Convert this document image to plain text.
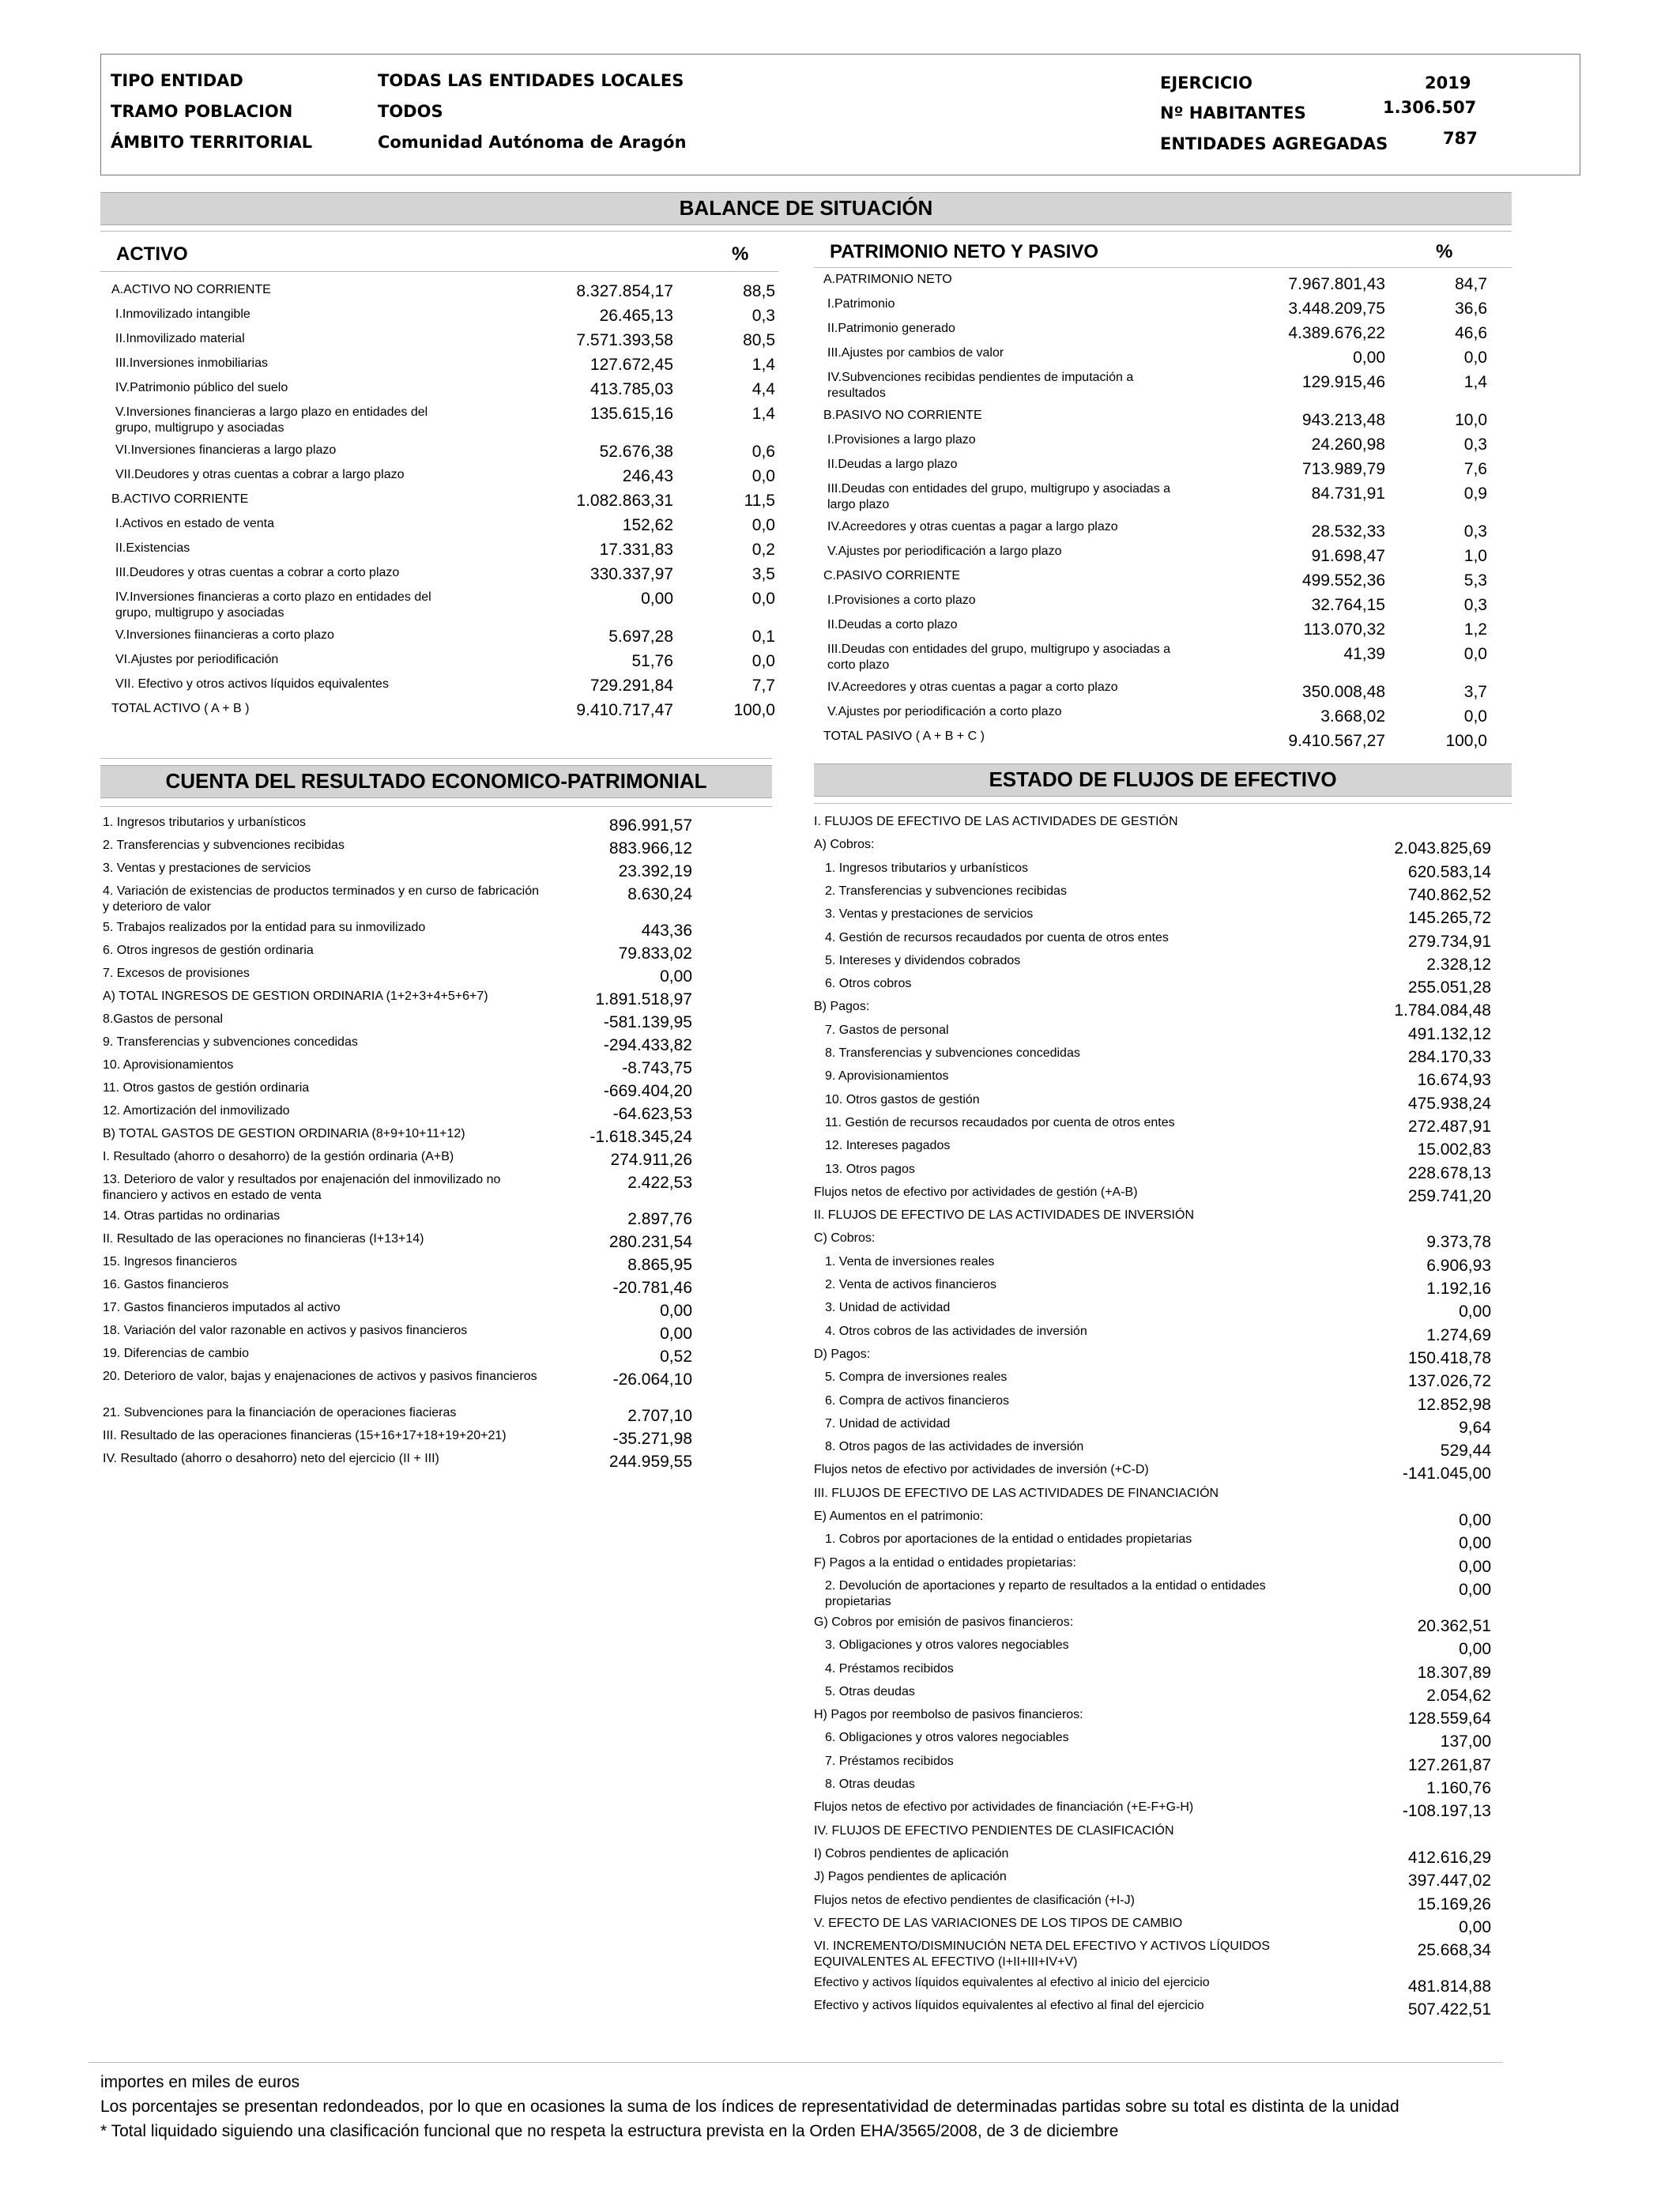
TIPO ENTIDAD	TODAS LAS ENTIDADES LOCALES
TRAMO POBLACION	TODOS
ÁMBITO TERRITORIAL	Comunidad Autónoma de Aragón
EJERCICIO	2019
Nº HABITANTES	1.306.507
ENTIDADES AGREGADAS	787
BALANCE DE SITUACIÓN
ACTIVO	%
A.ACTIVO NO CORRIENTE	8.327.854,17	88,5
I.Inmovilizado intangible	26.465,13	0,3
II.Inmovilizado material	7.571.393,58	80,5
III.Inversiones inmobiliarias	127.672,45	1,4
IV.Patrimonio público del suelo	413.785,03	4,4
V.Inversiones financieras a largo plazo en entidades del grupo, multigrupo y asociadas
135.615,16	1,4
VI.Inversiones financieras a largo plazo	52.676,38	0,6
VII.Deudores y otras cuentas a cobrar a largo plazo	246,43	0,0
B.ACTIVO CORRIENTE	1.082.863,31	11,5
I.Activos en estado de venta	152,62	0,0
II.Existencias	17.331,83	0,2
III.Deudores y otras cuentas a cobrar a corto plazo	330.337,97	3,5
IV.Inversiones financieras a corto plazo en entidades del grupo, multigrupo y asociadas
0,00	0,0
V.Inversiones fiinancieras a corto plazo	5.697,28	0,1
VI.Ajustes por periodificación	51,76	0,0
VII. Efectivo y otros activos líquidos equivalentes	729.291,84	7,7
TOTAL ACTIVO ( A + B )	9.410.717,47	100,0
PATRIMONIO NETO Y PASIVO	%
A.PATRIMONIO NETO	7.967.801,43	84,7
I.Patrimonio	3.448.209,75	36,6
II.Patrimonio generado	4.389.676,22	46,6
III.Ajustes por cambios de valor	0,00	0,0
IV.Subvenciones recibidas pendientes de imputación a resultados
129.915,46	1,4
B.PASIVO NO CORRIENTE	943.213,48	10,0
I.Provisiones a largo plazo	24.260,98	0,3
II.Deudas a largo plazo	713.989,79	7,6
III.Deudas con entidades del grupo, multigrupo y asociadas a largo plazo
84.731,91	0,9
IV.Acreedores y otras cuentas a pagar a largo plazo	28.532,33	0,3
V.Ajustes por periodificación a largo plazo	91.698,47	1,0
C.PASIVO CORRIENTE	499.552,36	5,3
I.Provisiones a corto plazo	32.764,15	0,3
II.Deudas a corto plazo	113.070,32	1,2
III.Deudas con entidades del grupo, multigrupo y asociadas a corto plazo
41,39	0,0
IV.Acreedores y otras cuentas a pagar a corto plazo	350.008,48	3,7
V.Ajustes por periodificación a corto plazo	3.668,02	0,0
TOTAL PASIVO ( A + B + C )	9.410.567,27	100,0
CUENTA DEL RESULTADO ECONOMICO-PATRIMONIAL
1. Ingresos tributarios y urbanísticos	896.991,57
2. Transferencias y subvenciones recibidas	883.966,12
3. Ventas y prestaciones de servicios	23.392,19
4. Variación de existencias de productos terminados y en curso de fabricación y deterioro de valor
8.630,24
5. Trabajos realizados por la entidad para su inmovilizado	443,36
6. Otros ingresos de gestión ordinaria	79.833,02
7. Excesos de provisiones	0,00
A) TOTAL INGRESOS DE GESTION ORDINARIA (1+2+3+4+5+6+7)	1.891.518,97
8.Gastos de personal	-581.139,95
9. Transferencias y subvenciones concedidas	-294.433,82
10. Aprovisionamientos	-8.743,75
11. Otros gastos de gestión ordinaria	-669.404,20
12. Amortización del inmovilizado	-64.623,53
B) TOTAL GASTOS DE GESTION ORDINARIA (8+9+10+11+12)	-1.618.345,24
I. Resultado (ahorro o desahorro) de la gestión ordinaria (A+B)	274.911,26
13. Deterioro de valor y resultados por enajenación del inmovilizado no financiero y activos en estado de venta
2.422,53
14. Otras partidas no ordinarias	2.897,76
II. Resultado de las operaciones no financieras (I+13+14)	280.231,54
15. Ingresos financieros	8.865,95
16. Gastos financieros	-20.781,46
17. Gastos financieros imputados al activo	0,00
18. Variación del valor razonable en activos y pasivos financieros	0,00
19. Diferencias de cambio	0,52
20. Deterioro de valor, bajas y enajenaciones de activos y pasivos financieros	-26.064,10
21. Subvenciones para la financiación de operaciones fiacieras	2.707,10
III. Resultado de las operaciones financieras (15+16+17+18+19+20+21)	-35.271,98
IV. Resultado (ahorro o desahorro) neto del ejercicio (II + III)	244.959,55
ESTADO DE FLUJOS DE EFECTIVO
I. FLUJOS DE EFECTIVO DE LAS ACTIVIDADES DE GESTIÓN
A) Cobros:	2.043.825,69
1. Ingresos tributarios y urbanísticos	620.583,14
2. Transferencias y subvenciones recibidas	740.862,52
3. Ventas y prestaciones de servicios	145.265,72
4. Gestión de recursos recaudados por cuenta de otros entes	279.734,91
5. Intereses y dividendos cobrados	2.328,12
6. Otros cobros	255.051,28
B) Pagos:	1.784.084,48
7. Gastos de personal	491.132,12
8. Transferencias y subvenciones concedidas	284.170,33
9. Aprovisionamientos	16.674,93
10. Otros gastos de gestión	475.938,24
11. Gestión de recursos recaudados por cuenta de otros entes	272.487,91
12. Intereses pagados	15.002,83
13. Otros pagos	228.678,13
Flujos netos de efectivo por actividades de gestión (+A-B)	259.741,20
II. FLUJOS DE EFECTIVO DE LAS ACTIVIDADES DE INVERSIÓN
C) Cobros:	9.373,78
1. Venta de inversiones reales	6.906,93
2. Venta de activos financieros	1.192,16
3. Unidad de actividad	0,00
4. Otros cobros de las actividades de inversión	1.274,69
D) Pagos:	150.418,78
5. Compra de inversiones reales	137.026,72
6. Compra de activos financieros	12.852,98
7. Unidad de actividad	9,64
8. Otros pagos de las actividades de inversión	529,44
Flujos netos de efectivo por actividades de inversión (+C-D)	-141.045,00
III. FLUJOS DE EFECTIVO DE LAS ACTIVIDADES DE FINANCIACIÓN
E) Aumentos en el patrimonio:	0,00
1. Cobros por aportaciones de la entidad o entidades propietarias	0,00
F) Pagos a la entidad o entidades propietarias:	0,00
2. Devolución de aportaciones y reparto de resultados a la entidad o entidades propietarias
0,00
G) Cobros por emisión de pasivos financieros:	20.362,51
3. Obligaciones y otros valores negociables	0,00
4. Préstamos recibidos	18.307,89
5. Otras deudas	2.054,62
H) Pagos por reembolso de pasivos financieros:	128.559,64
6. Obligaciones y otros valores negociables	137,00
7. Préstamos recibidos	127.261,87
8. Otras deudas	1.160,76
Flujos netos de efectivo por actividades de financiación (+E-F+G-H)	-108.197,13
IV. FLUJOS DE EFECTIVO PENDIENTES DE CLASIFICACIÓN
I) Cobros pendientes de aplicación	412.616,29
J) Pagos pendientes de aplicación	397.447,02
Flujos netos de efectivo pendientes de clasificación (+I-J)	15.169,26
V. EFECTO DE LAS VARIACIONES DE LOS TIPOS DE CAMBIO	0,00
VI. INCREMENTO/DISMINUCIÓN NETA DEL EFECTIVO Y ACTIVOS LÍQUIDOS EQUIVALENTES AL EFECTIVO (I+II+III+IV+V)
25.668,34
Efectivo y activos líquidos equivalentes al efectivo al inicio del ejercicio	481.814,88
Efectivo y activos líquidos equivalentes al efectivo al final del ejercicio	507.422,51
importes en miles de euros
Los porcentajes se presentan redondeados, por lo que en ocasiones la suma de los índices de representatividad de determinadas partidas sobre su total es distinta de la unidad
* Total liquidado siguiendo una clasificación funcional que no respeta la estructura prevista en la Orden EHA/3565/2008, de 3 de diciembre
